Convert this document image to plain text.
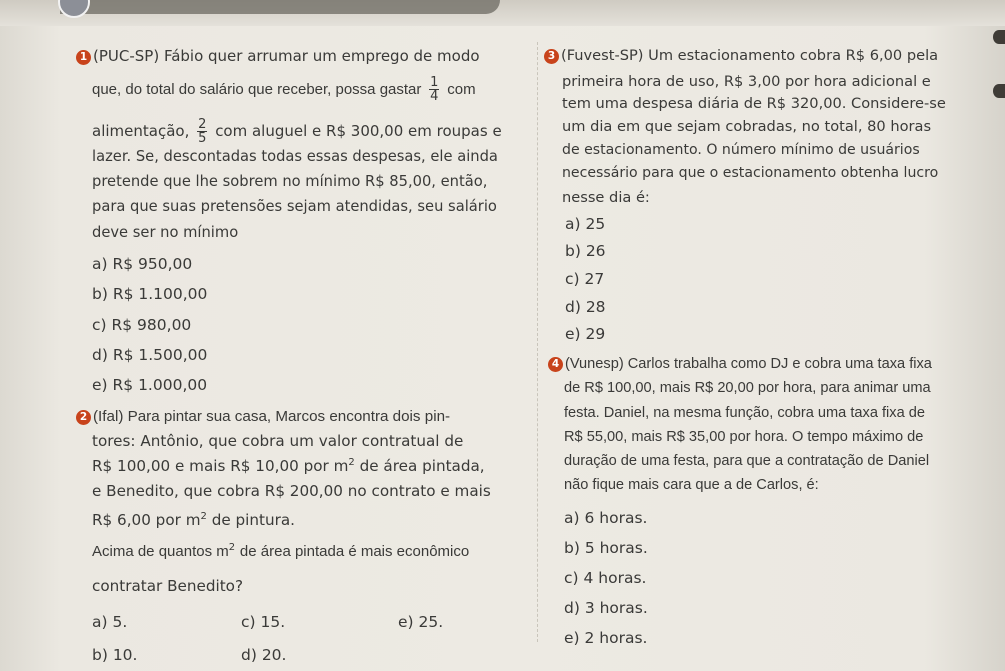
1 (PUC-SP) Fábio quer arrumar um emprego de modo
que, do total do salário que receber, possa gastar $\frac{1}{4}$ com
alimentação, $\frac{2}{5}$ com aluguel e R$ 300,00 em roupas e
lazer. Se, descontadas todas essas despesas, ele ainda
pretende que lhe sobrem no mínimo R$ 85,00, então,
para que suas pretensões sejam atendidas, seu salário
deve ser no mínimo
a) R$ 950,00
b) R$ 1.100,00
c) R$ 980,00
d) R$ 1.500,00
e) R$ 1.000,00
2 (Ifal) Para pintar sua casa, Marcos encontra dois pin-
tores: Antônio, que cobra um valor contratual de
R$ 100,00 e mais R$ 10,00 por $m^2$ de área pintada,
e Benedito, que cobra R$ 200,00 no contrato e mais
R$ 6,00 por $m^2$ de pintura.
Acima de quantos $m^2$ de área pintada é mais econômico
contratar Benedito?
a) 5.
b) 10.
c) 15.
d) 20.
e) 25.
3 (Fuvest-SP) Um estacionamento cobra R$ 6,00 pela
primeira hora de uso, R$ 3,00 por hora adicional e
tem uma despesa diária de R$ 320,00. Considere-se
um dia em que sejam cobradas, no total, 80 horas
de estacionamento. O número mínimo de usuários
necessário para que o estacionamento obtenha lucro
nesse dia é:
a) 25
b) 26
c) 27
d) 28
e) 29
4 (Vunesp) Carlos trabalha como DJ e cobra uma taxa fixa
de R$ 100,00, mais R$ 20,00 por hora, para animar uma
festa. Daniel, na mesma função, cobra uma taxa fixa de
R$ 55,00, mais R$ 35,00 por hora. O tempo máximo de
duração de uma festa, para que a contratação de Daniel
não fique mais cara que a de Carlos, é:
a) 6 horas.
b) 5 horas.
c) 4 horas.
d) 3 horas.
e) 2 horas.
